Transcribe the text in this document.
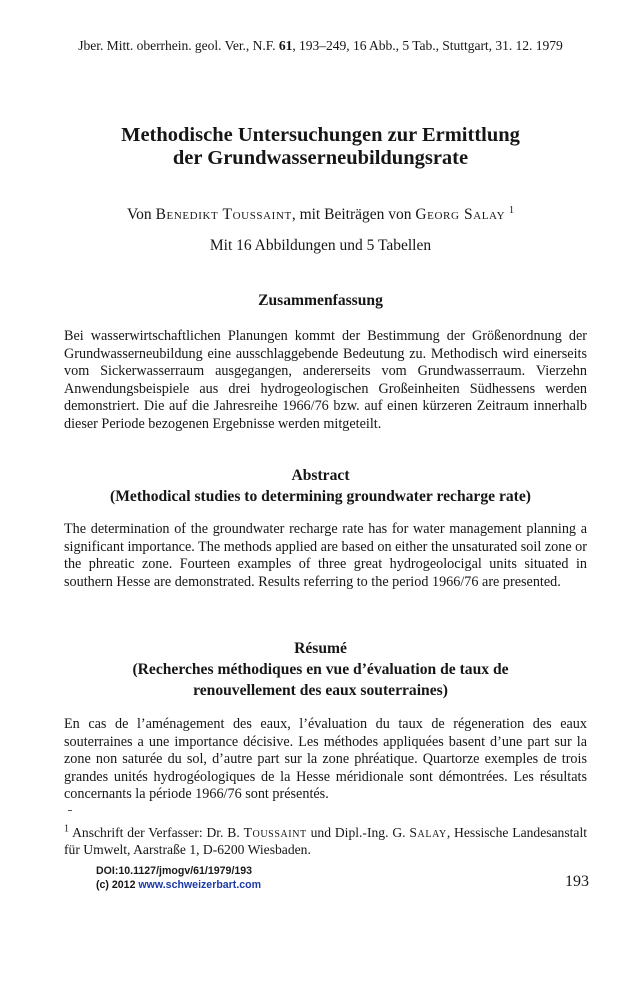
Jber. Mitt. oberrhein. geol. Ver., N.F. 61, 193–249, 16 Abb., 5 Tab., Stuttgart, 31. 12. 1979
Methodische Untersuchungen zur Ermittlung
der Grundwasserneubildungsrate
Von Benedikt Toussaint, mit Beiträgen von Georg Salay $^1$
Mit 16 Abbildungen und 5 Tabellen
Zusammenfassung

Bei wasserwirtschaftlichen Planungen kommt der Bestimmung der Größenordnung der Grundwasserneubildung eine ausschlaggebende Bedeutung zu. Methodisch wird einerseits vom Sickerwasserraum ausgegangen, andererseits vom Grundwasserraum. Vierzehn Anwendungsbeispiele aus drei hydrogeologischen Großeinheiten Südhessens werden demonstriert. Die auf die Jahresreihe 1966/76 bzw. auf einen kürzeren Zeitraum innerhalb dieser Periode bezogenen Ergebnisse werden mitgeteilt.

Abstract
(Methodical studies to determining groundwater recharge rate)

The determination of the groundwater recharge rate has for water management planning a significant importance. The methods applied are based on either the unsaturated soil zone or the phreatic zone. Fourteen examples of three great hydrogeolocigal units situated in southern Hesse are demonstrated. Results referring to the period 1966/76 are presented.

Résumé
(Recherches méthodiques en vue d’évaluation de taux de
renouvellement des eaux souterraines)

En cas de l’aménagement des eaux, l’évaluation du taux de régeneration des eaux souterraines a une importance décisive. Les méthodes appliquées basent d’une part sur la zone non saturée du sol, d’autre part sur la zone phréatique. Quartorze exemples de trois grandes unités hydrogéologiques de la Hesse méridionale sont démontrées. Les résultats concernants la période 1966/76 sont présentés.

$^1$ Anschrift der Verfasser: Dr. B. Toussaint und Dipl.-Ing. G. Salay, Hessische Landesanstalt für Umwelt, Aarstraße 1, D-6200 Wiesbaden.

DOI:10.1127/jmogv/61/1979/193
(c) 2012 www.schweizerbart.com	193
